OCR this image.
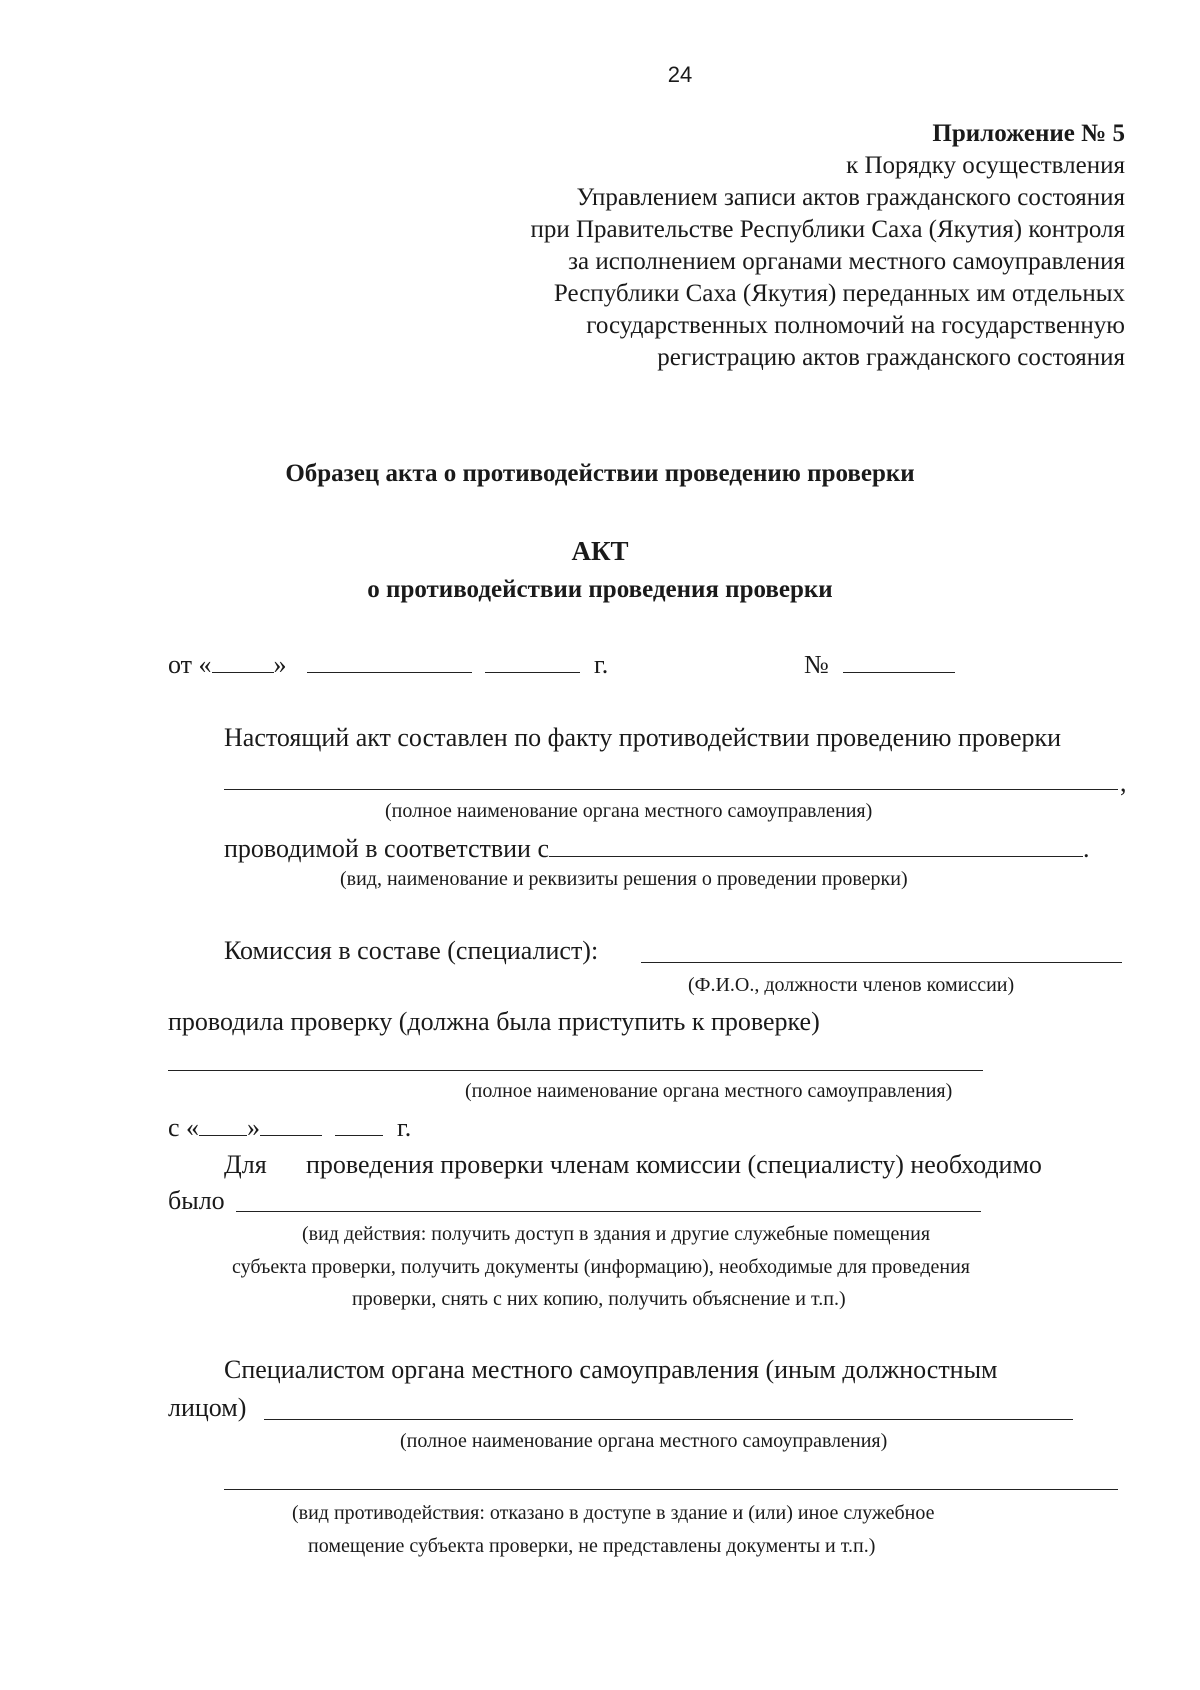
24
Приложение № 5
к Порядку осуществления
Управлением записи актов гражданского состояния
при Правительстве Республики Саха (Якутия) контроля
за исполнением органами местного самоуправления
Республики Саха (Якутия) переданных им отдельных
государственных полномочий на государственную
регистрацию актов гражданского состояния
Образец акта о противодействии проведению проверки
АКТ
о противодействии проведения проверки
от « »	г.	№
Настоящий акт составлен по факту противодействии проведению проверки
,
(полное наименование органа местного самоуправления)
проводимой в соответствии с	.
(вид, наименование и реквизиты решения о проведении проверки)
Комиссия в составе (специалист):
(Ф.И.О., должности членов комиссии)
проводила проверку (должна была приступить к проверке)
(полное наименование органа местного самоуправления)
с « »	г.
Для проведения проверки членам комиссии (специалисту) необходимо
было
(вид действия: получить доступ в здания и другие служебные помещения
субъекта проверки, получить документы (информацию), необходимые для проведения
проверки, снять с них копию, получить объяснение и т.п.)
Специалистом органа местного самоуправления (иным должностным
лицом)
(полное наименование органа местного самоуправления)
(вид противодействия: отказано в доступе в здание и (или) иное служебное
помещение субъекта проверки, не представлены документы и т.п.)
